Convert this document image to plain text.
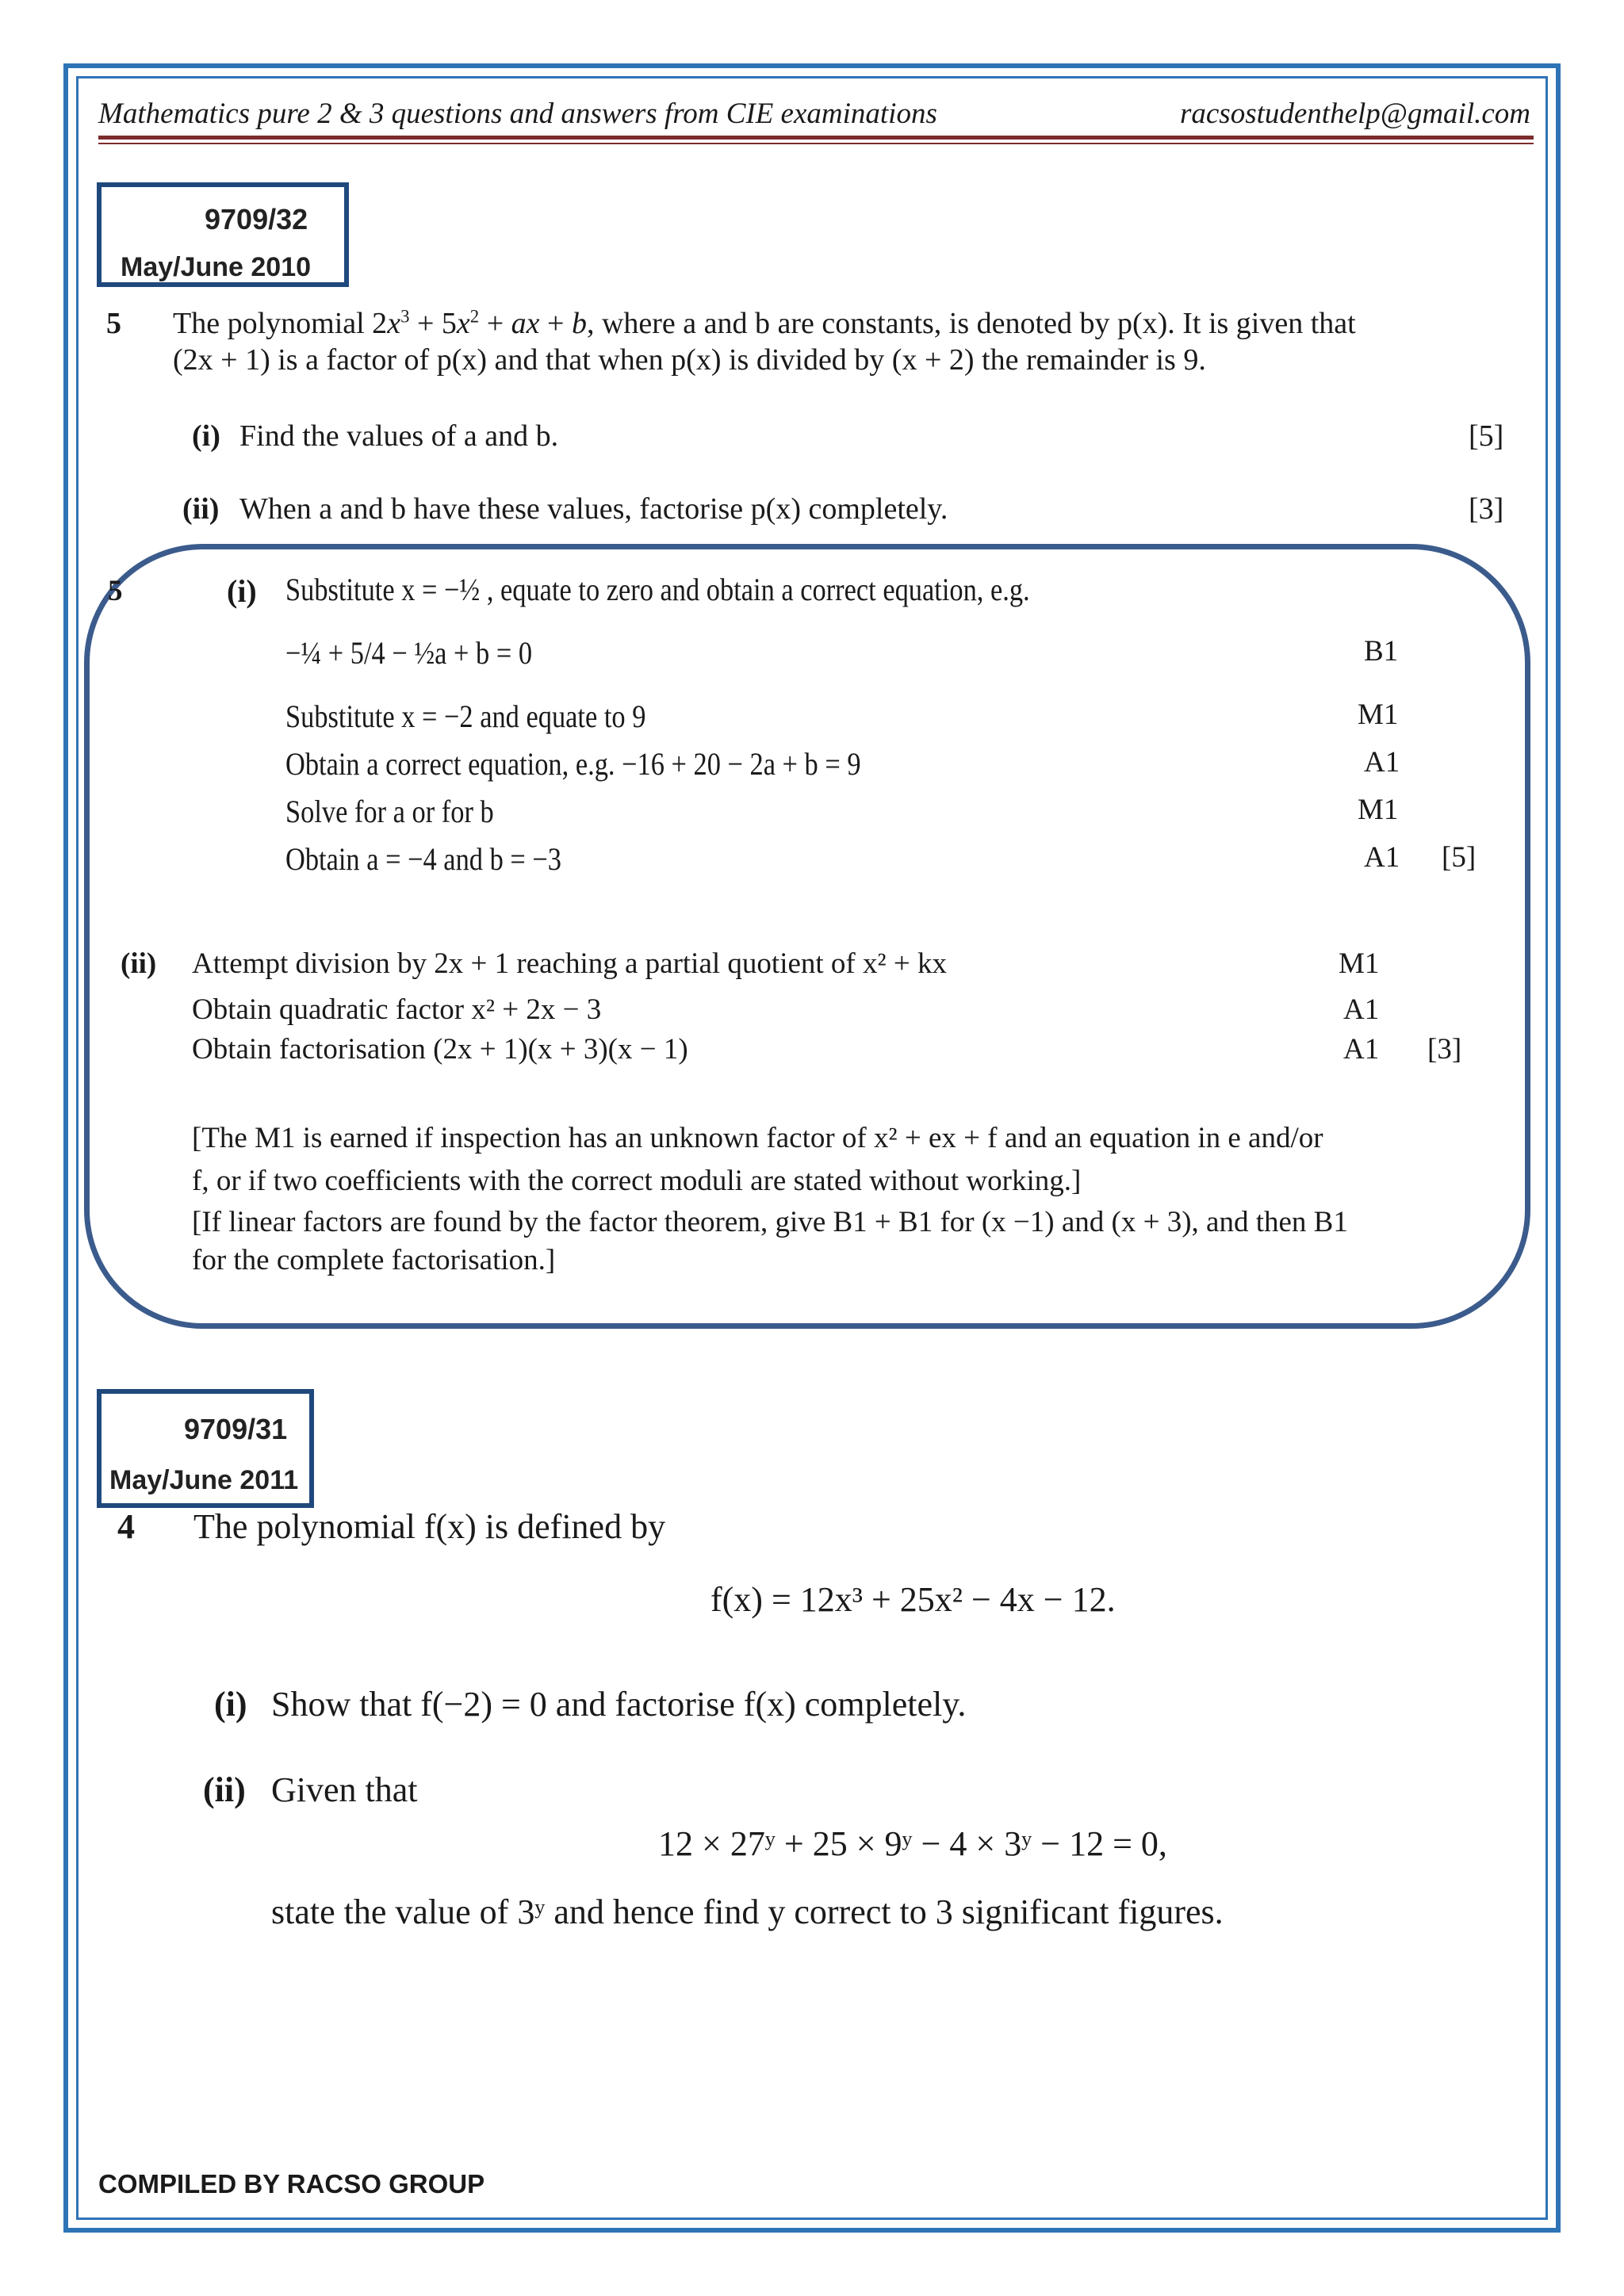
Mathematics pure 2 & 3 questions and answers from CIE examinations	racsostudenthelp@gmail.com
9709/32
May/June 2010
5 The polynomial $2x^3 + 5x^2$ + ax + b, where a and b are constants, is denoted by p(x). It is given that
(2x + 1) is a factor of p(x) and that when p(x) is divided by (x + 2) the remainder is 9.
(i) Find the values of a and b.	[5]
(ii) When a and b have these values, factorise p(x) completely.	[3]
5	(i) Substitute x = −½ , equate to zero and obtain a correct equation, e.g.
−¼ + 5/4 − ½a + b = 0	B1
Substitute x = −2 and equate to 9	M1
Obtain a correct equation, e.g. −16 + 20 − 2a + b = 9	A1
Solve for a or for b	M1
Obtain a = −4 and b = −3	A1 [5]
(ii) Attempt division by 2x + 1 reaching a partial quotient of x² + kx	M1
Obtain quadratic factor x² + 2x − 3	A1
Obtain factorisation (2x + 1)(x + 3)(x − 1)	A1 [3]
[The M1 is earned if inspection has an unknown factor of x² + ex + f and an equation in e and/or
f, or if two coefficients with the correct moduli are stated without working.]
[If linear factors are found by the factor theorem, give B1 + B1 for (x −1) and (x + 3), and then B1
for the complete factorisation.]
9709/31
May/June 2011
4 The polynomial f(x) is defined by
f(x) = 12x³ + 25x² − 4x − 12.
(i) Show that f(−2) = 0 and factorise f(x) completely.
(ii) Given that
12 × 27ʸ + 25 × 9ʸ − 4 × 3ʸ − 12 = 0,
state the value of 3ʸ and hence find y correct to 3 significant figures.
COMPILED BY RACSO GROUP
